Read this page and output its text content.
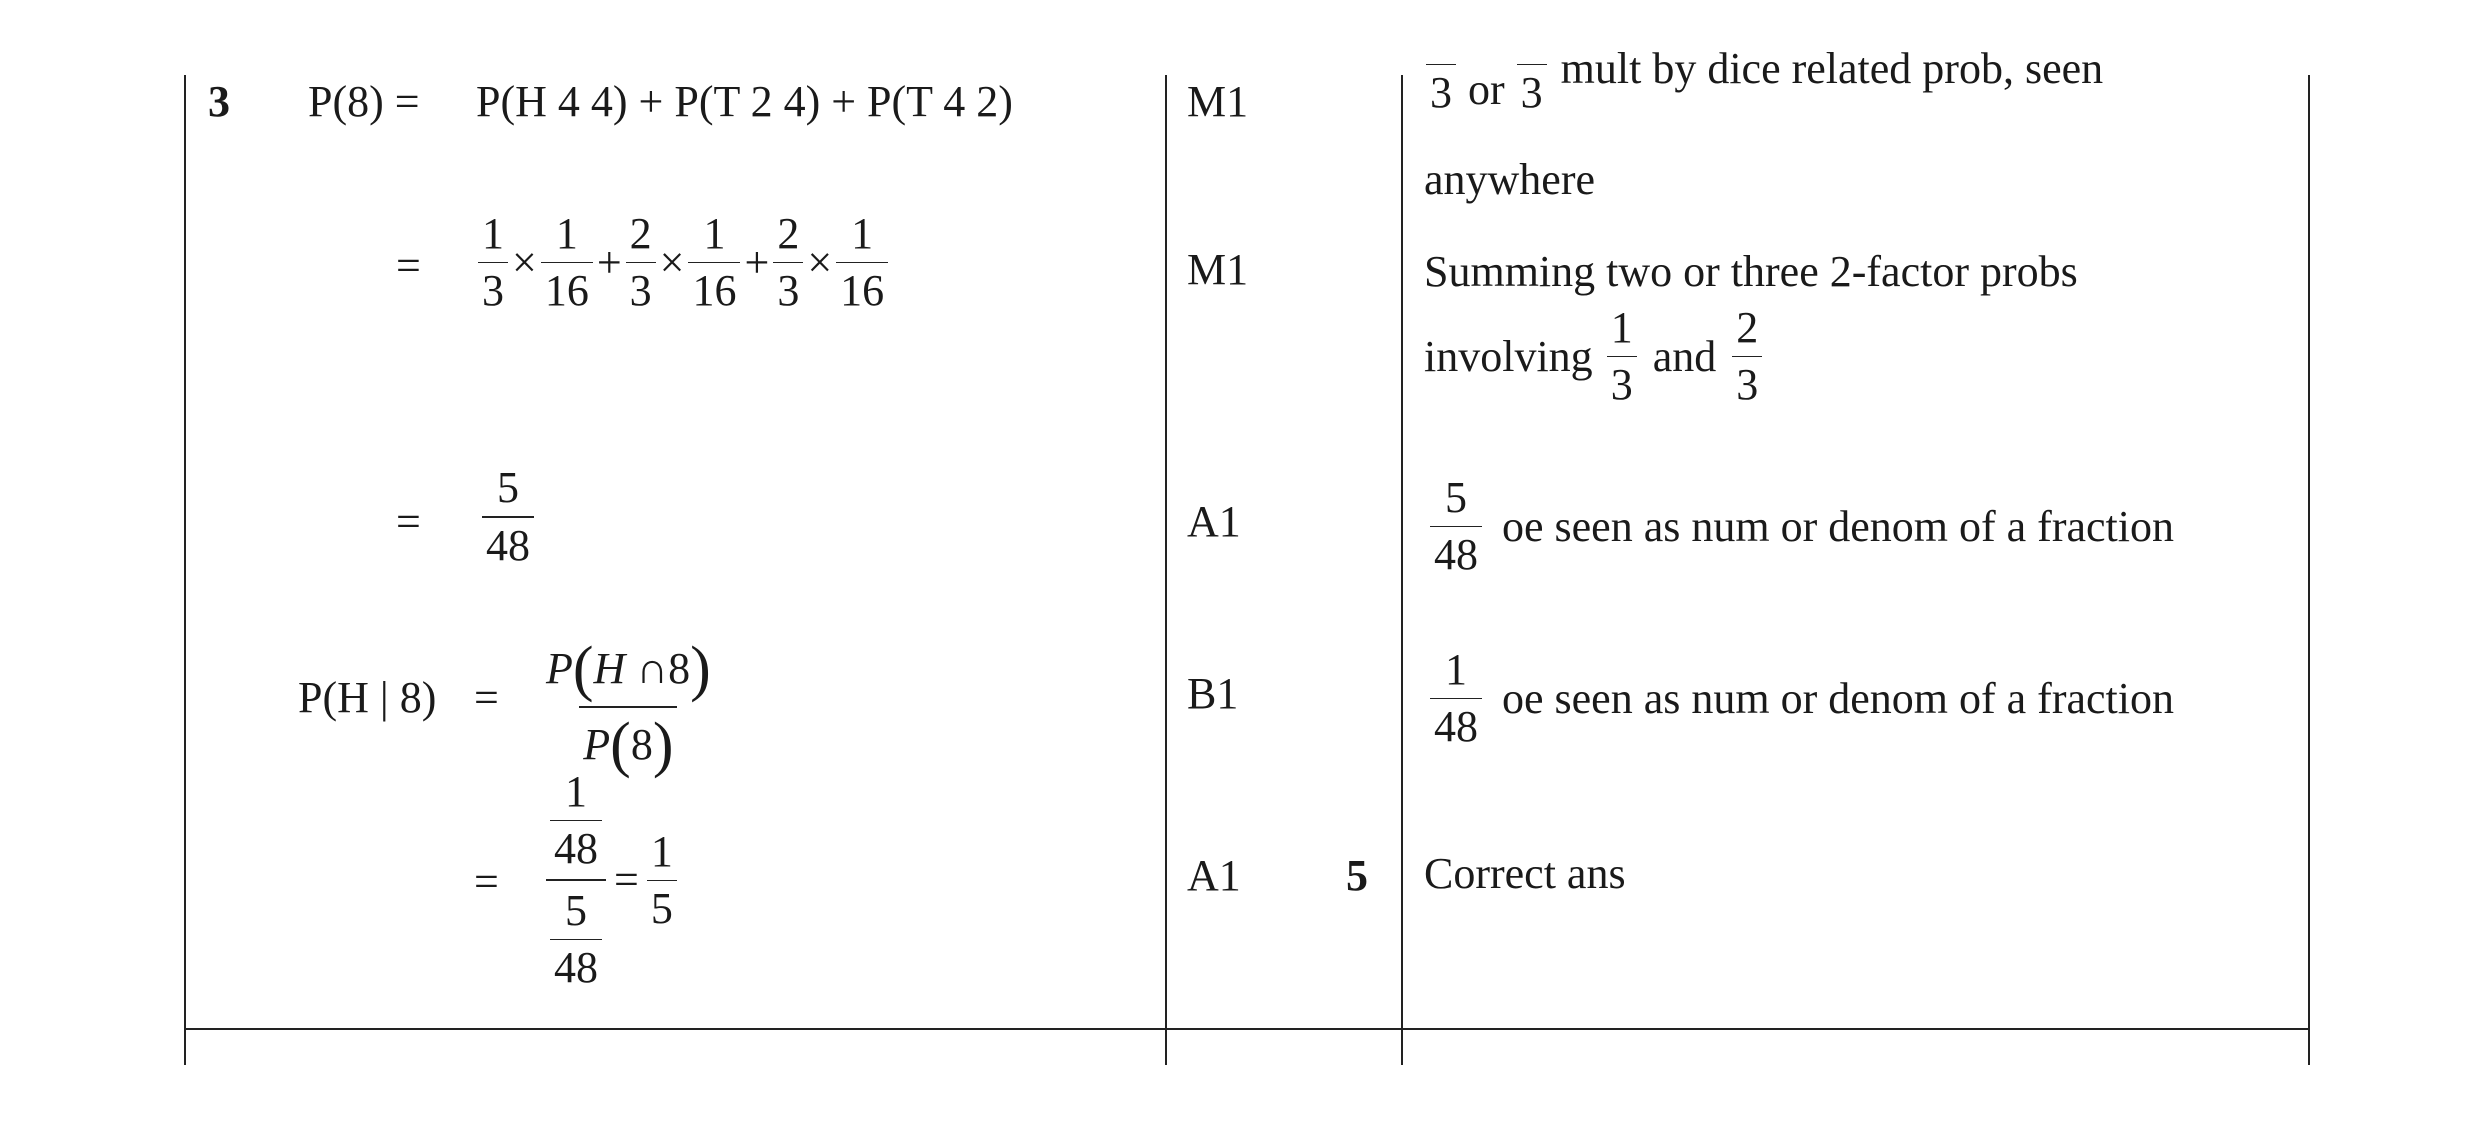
3 P(8) = P(H 4 4) + P(T 2 4) + P(T 4 2)
= $\frac{1}{3} \times \frac{1}{16} + \frac{2}{3} \times \frac{1}{16} + \frac{2}{3} \times \frac{1}{16}$
= $\frac{5}{48}$
P(H | $8) = \frac{P(H \cap 8)}{P(8)}$
= $\frac{\frac{1}{48}}{\frac{5}{48}} = \frac{1}{5}$
M1
M1
A1
B1
A1 5
3 or 3 mult by dice related prob, seen
anywhere
Summing two or three 2-factor probs
involving $\frac{1}{3}$ and $\frac{2}{3}$
$\frac{5}{48}$ oe seen as num or denom of a fraction
$\frac{1}{48}$ oe seen as num or denom of a fraction
Correct ans
